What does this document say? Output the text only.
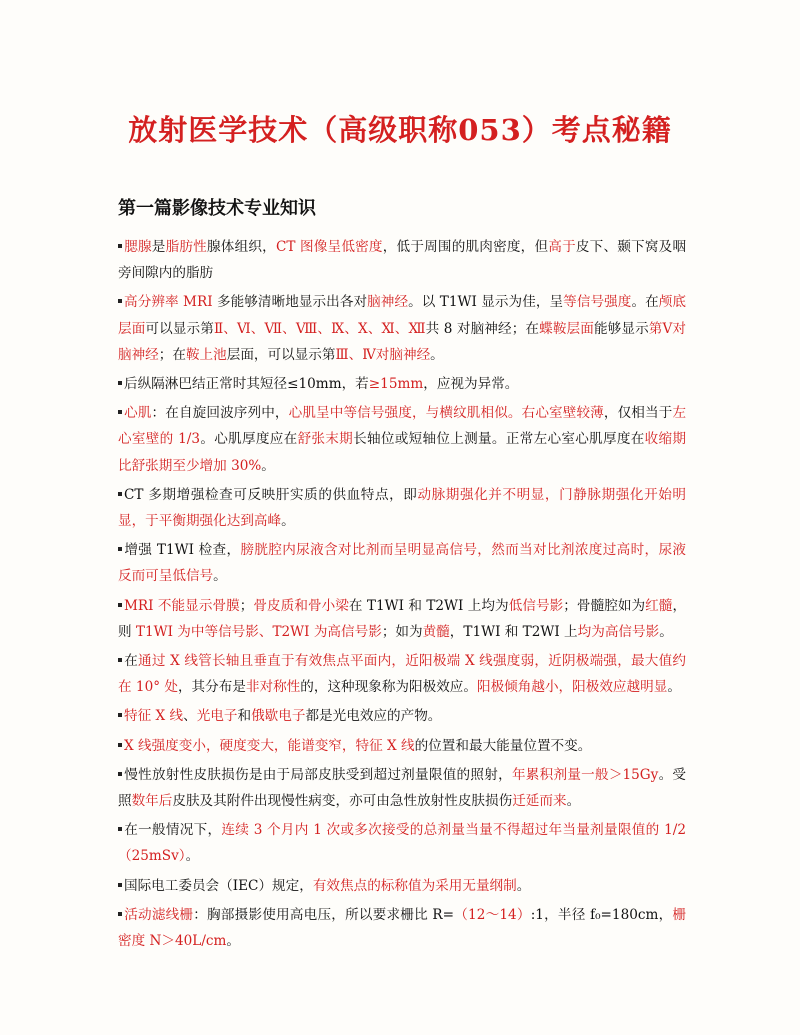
放射医学技术（高级职称053）考点秘籍
第一篇影像技术专业知识
腮腺是脂肪性腺体组织，CT 图像呈低密度，低于周围的肌肉密度，但高于皮下、颞下窝及咽旁间隙内的脂肪
高分辨率 MRI 多能够清晰地显示出各对脑神经。以 T1WI 显示为佳，呈等信号强度。在颅底层面可以显示第Ⅱ、Ⅵ、Ⅶ、Ⅷ、Ⅸ、Ⅹ、Ⅺ、Ⅻ共 8 对脑神经；在蝶鞍层面能够显示第Ⅴ对脑神经；在鞍上池层面，可以显示第Ⅲ、Ⅳ对脑神经。
后纵隔淋巴结正常时其短径≤10mm，若≥15mm，应视为异常。
心肌：在自旋回波序列中，心肌呈中等信号强度，与横纹肌相似。右心室壁较薄，仅相当于左心室壁的 1/3。心肌厚度应在舒张末期长轴位或短轴位上测量。正常左心室心肌厚度在收缩期比舒张期至少增加 30%。
CT 多期增强检查可反映肝实质的供血特点，即动脉期强化并不明显，门静脉期强化开始明显，于平衡期强化达到高峰。
增强 T1WI 检查，膀胱腔内尿液含对比剂而呈明显高信号，然而当对比剂浓度过高时，尿液反而可呈低信号。
MRI 不能显示骨膜；骨皮质和骨小梁在 T1WI 和 T2WI 上均为低信号影；骨髓腔如为红髓，则 T1WI 为中等信号影、T2WI 为高信号影；如为黄髓，T1WI 和 T2WI 上均为高信号影。
在通过 X 线管长轴且垂直于有效焦点平面内，近阳极端 X 线强度弱，近阴极端强，最大值约在 10° 处，其分布是非对称性的，这种现象称为阳极效应。阳极倾角越小，阳极效应越明显。
特征 X 线、光电子和俄歇电子都是光电效应的产物。
X 线强度变小，硬度变大，能谱变窄，特征 X 线的位置和最大能量位置不变。
慢性放射性皮肤损伤是由于局部皮肤受到超过剂量限值的照射，年累积剂量一般＞15Gy。受照数年后皮肤及其附件出现慢性病变，亦可由急性放射性皮肤损伤迁延而来。
在一般情况下，连续 3 个月内 1 次或多次接受的总剂量当量不得超过年当量剂量限值的 1/2（25mSv）。
国际电工委员会（IEC）规定，有效焦点的标称值为采用无量纲制。
活动滤线栅：胸部摄影使用高电压，所以要求栅比 R=（12～14）:1，半径 f₀=180cm，栅密度 N＞40L/cm。
